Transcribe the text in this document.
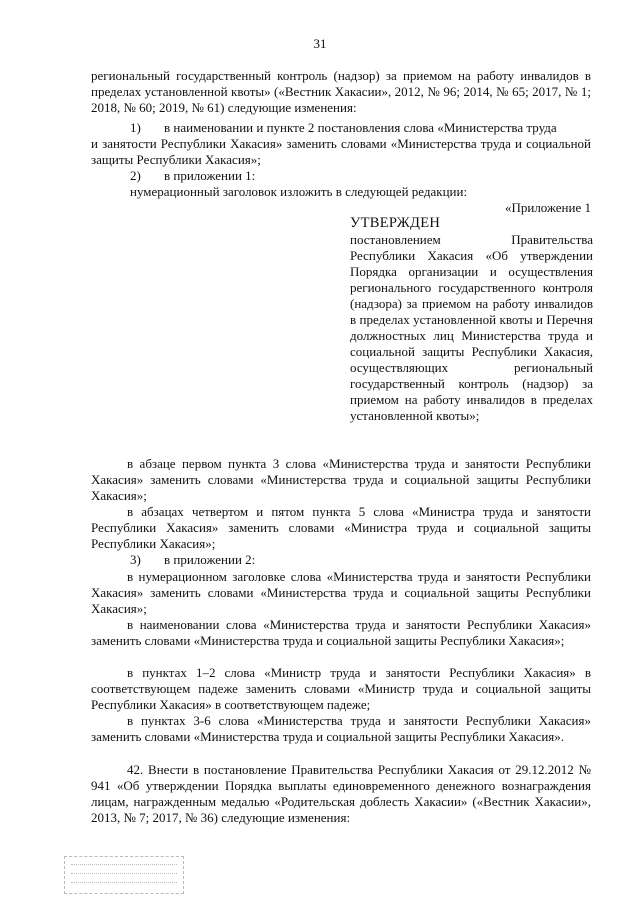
31

региональный государственный контроль (надзор) за приемом на работу инвалидов в пределах установленной квоты» («Вестник Хакасии», 2012, № 96; 2014, № 65; 2017, № 1; 2018, № 60; 2019, № 61) следующие изменения:

1) в наименовании и пункте 2 постановления слова «Министерства труда

и занятости Республики Хакасия» заменить словами «Министерства труда и социальной защиты Республики Хакасия»;

2) в приложении 1:

нумерационный заголовок изложить в следующей редакции:

«Приложение 1

УТВЕРЖДЕН

постановлением Правительства Республики Хакасия «Об утверждении Порядка организации и осуществления регионального государственного контроля (надзора) за приемом на работу инвалидов в пределах установленной квоты и Перечня должностных лиц Министерства труда и социальной защиты Республики Хакасия, осуществляющих региональный государственный контроль (надзор) за приемом на работу инвалидов в пределах установленной квоты»;

в абзаце первом пункта 3 слова «Министерства труда и занятости Республики Хакасия» заменить словами «Министерства труда и социальной защиты Республики Хакасия»;

в абзацах четвертом и пятом пункта 5 слова «Министра труда и занятости Республики Хакасия» заменить словами «Министра труда и социальной защиты Республики Хакасия»;

3) в приложении 2:

в нумерационном заголовке слова «Министерства труда и занятости Республики Хакасия» заменить словами «Министерства труда и социальной защиты Республики Хакасия»;

в наименовании слова «Министерства труда и занятости Республики Хакасия» заменить словами «Министерства труда и социальной защиты Республики Хакасия»;

в пунктах 1–2 слова «Министр труда и занятости Республики Хакасия» в соответствующем падеже заменить словами «Министр труда и социальной защиты Республики Хакасия» в соответствующем падеже;

в пунктах 3-6 слова «Министерства труда и занятости Республики Хакасия» заменить словами «Министерства труда и социальной защиты Республики Хакасия».

42. Внести в постановление Правительства Республики Хакасия от 29.12.2012 № 941 «Об утверждении Порядка выплаты единовременного денежного вознаграждения лицам, награжденным медалью «Родительская доблесть Хакасии» («Вестник Хакасии», 2013, № 7; 2017, № 36) следующие изменения:
